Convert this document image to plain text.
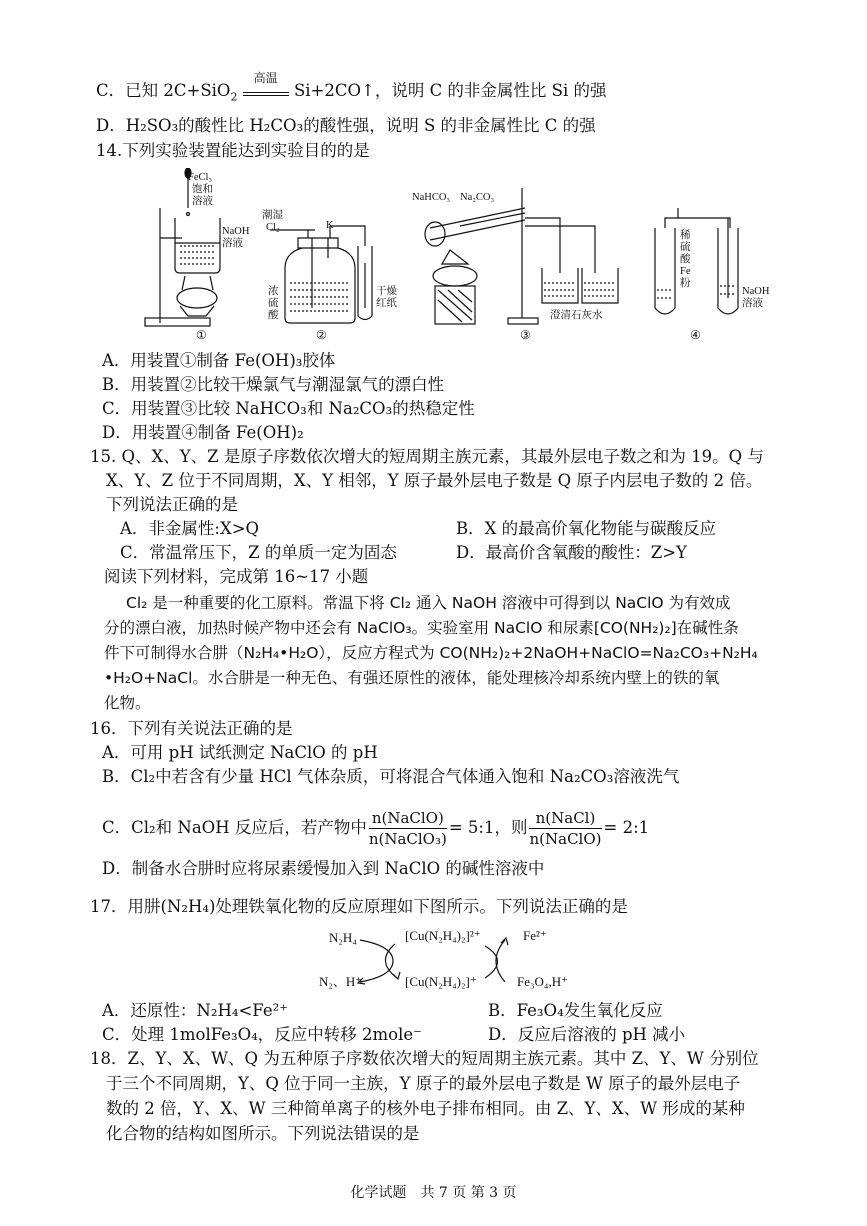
C．已知 2C+SiO$_2$
高温
Si+2CO↑，说明 C 的非金属性比 Si 的强
D．H₂SO₃的酸性比 H₂CO₃的酸性强，说明 S 的非金属性比 C 的强
14.下列实验装置能达到实验目的的是
FeCl₃
饱和
溶液
NaOH
溶液
潮湿
Cl₂	K
浓
硫
酸
干燥
红纸
NaHCO₃ Na₂CO₃
澄清石灰水
稀
硫
酸
Fe
粉
NaOH
溶液
①	②	③	④
A．用装置①制备 Fe(OH)₃胶体
B．用装置②比较干燥氯气与潮湿氯气的漂白性
C．用装置③比较 NaHCO₃和 Na₂CO₃的热稳定性
D．用装置④制备 Fe(OH)₂
15. Q、X、Y、Z 是原子序数依次增大的短周期主族元素，其最外层电子数之和为 19。Q 与
X、Y、Z 位于不同周期，X、Y 相邻，Y 原子最外层电子数是 Q 原子内层电子数的 2 倍。
下列说法正确的是
A．非金属性:X>Q	B．X 的最高价氧化物能与碳酸反应
C．常温常压下，Z 的单质一定为固态	D．最高价含氧酸的酸性：Z>Y
阅读下列材料，完成第 16~17 小题
Cl₂ 是一种重要的化工原料。常温下将 Cl₂ 通入 NaOH 溶液中可得到以 NaClO 为有效成
分的漂白液，加热时候产物中还会有 NaClO₃。实验室用 NaClO 和尿素[CO(NH₂)₂]在碱性条
件下可制得水合肼（N₂H₄•H₂O），反应方程式为 CO(NH₂)₂+2NaOH+NaClO=Na₂CO₃+N₂H₄
•H₂O+NaCl。水合肼是一种无色、有强还原性的液体，能处理核冷却系统内壁上的铁的氧
化物。
16．下列有关说法正确的是
A．可用 pH 试纸测定 NaClO 的 pH
B．Cl₂中若含有少量 HCl 气体杂质，可将混合气体通入饱和 Na₂CO₃溶液洗气
C．Cl₂和 NaOH 反应后，若产物中 $\frac{\text{n(NaClO)}}{\text{n(NaClO₃)}}$ = 5:1，则 $\frac{\text{n(NaCl)}}{\text{n(NaClO)}}$ = 2:1
D．制备水合肼时应将尿素缓慢加入到 NaClO 的碱性溶液中
17．用肼(N₂H₄)处理铁氧化物的反应原理如下图所示。下列说法正确的是
N₂H₄
N₂、H⁺
[Cu(N₂H₄)₂]²⁺
[Cu(N₂H₄)₂]⁺
Fe²⁺
Fe₃O₄,H⁺
A．还原性：N₂H₄<Fe²⁺	B．Fe₃O₄发生氧化反应
C．处理 1molFe₃O₄，反应中转移 2mole⁻	D．反应后溶液的 pH 减小
18．Z、Y、X、W、Q 为五种原子序数依次增大的短周期主族元素。其中 Z、Y、W 分别位
于三个不同周期，Y、Q 位于同一主族，Y 原子的最外层电子数是 W 原子的最外层电子
数的 2 倍，Y、X、W 三种简单离子的核外电子排布相同。由 Z、Y、X、W 形成的某种
化合物的结构如图所示。下列说法错误的是
化学试题　共 7 页 第 3 页
